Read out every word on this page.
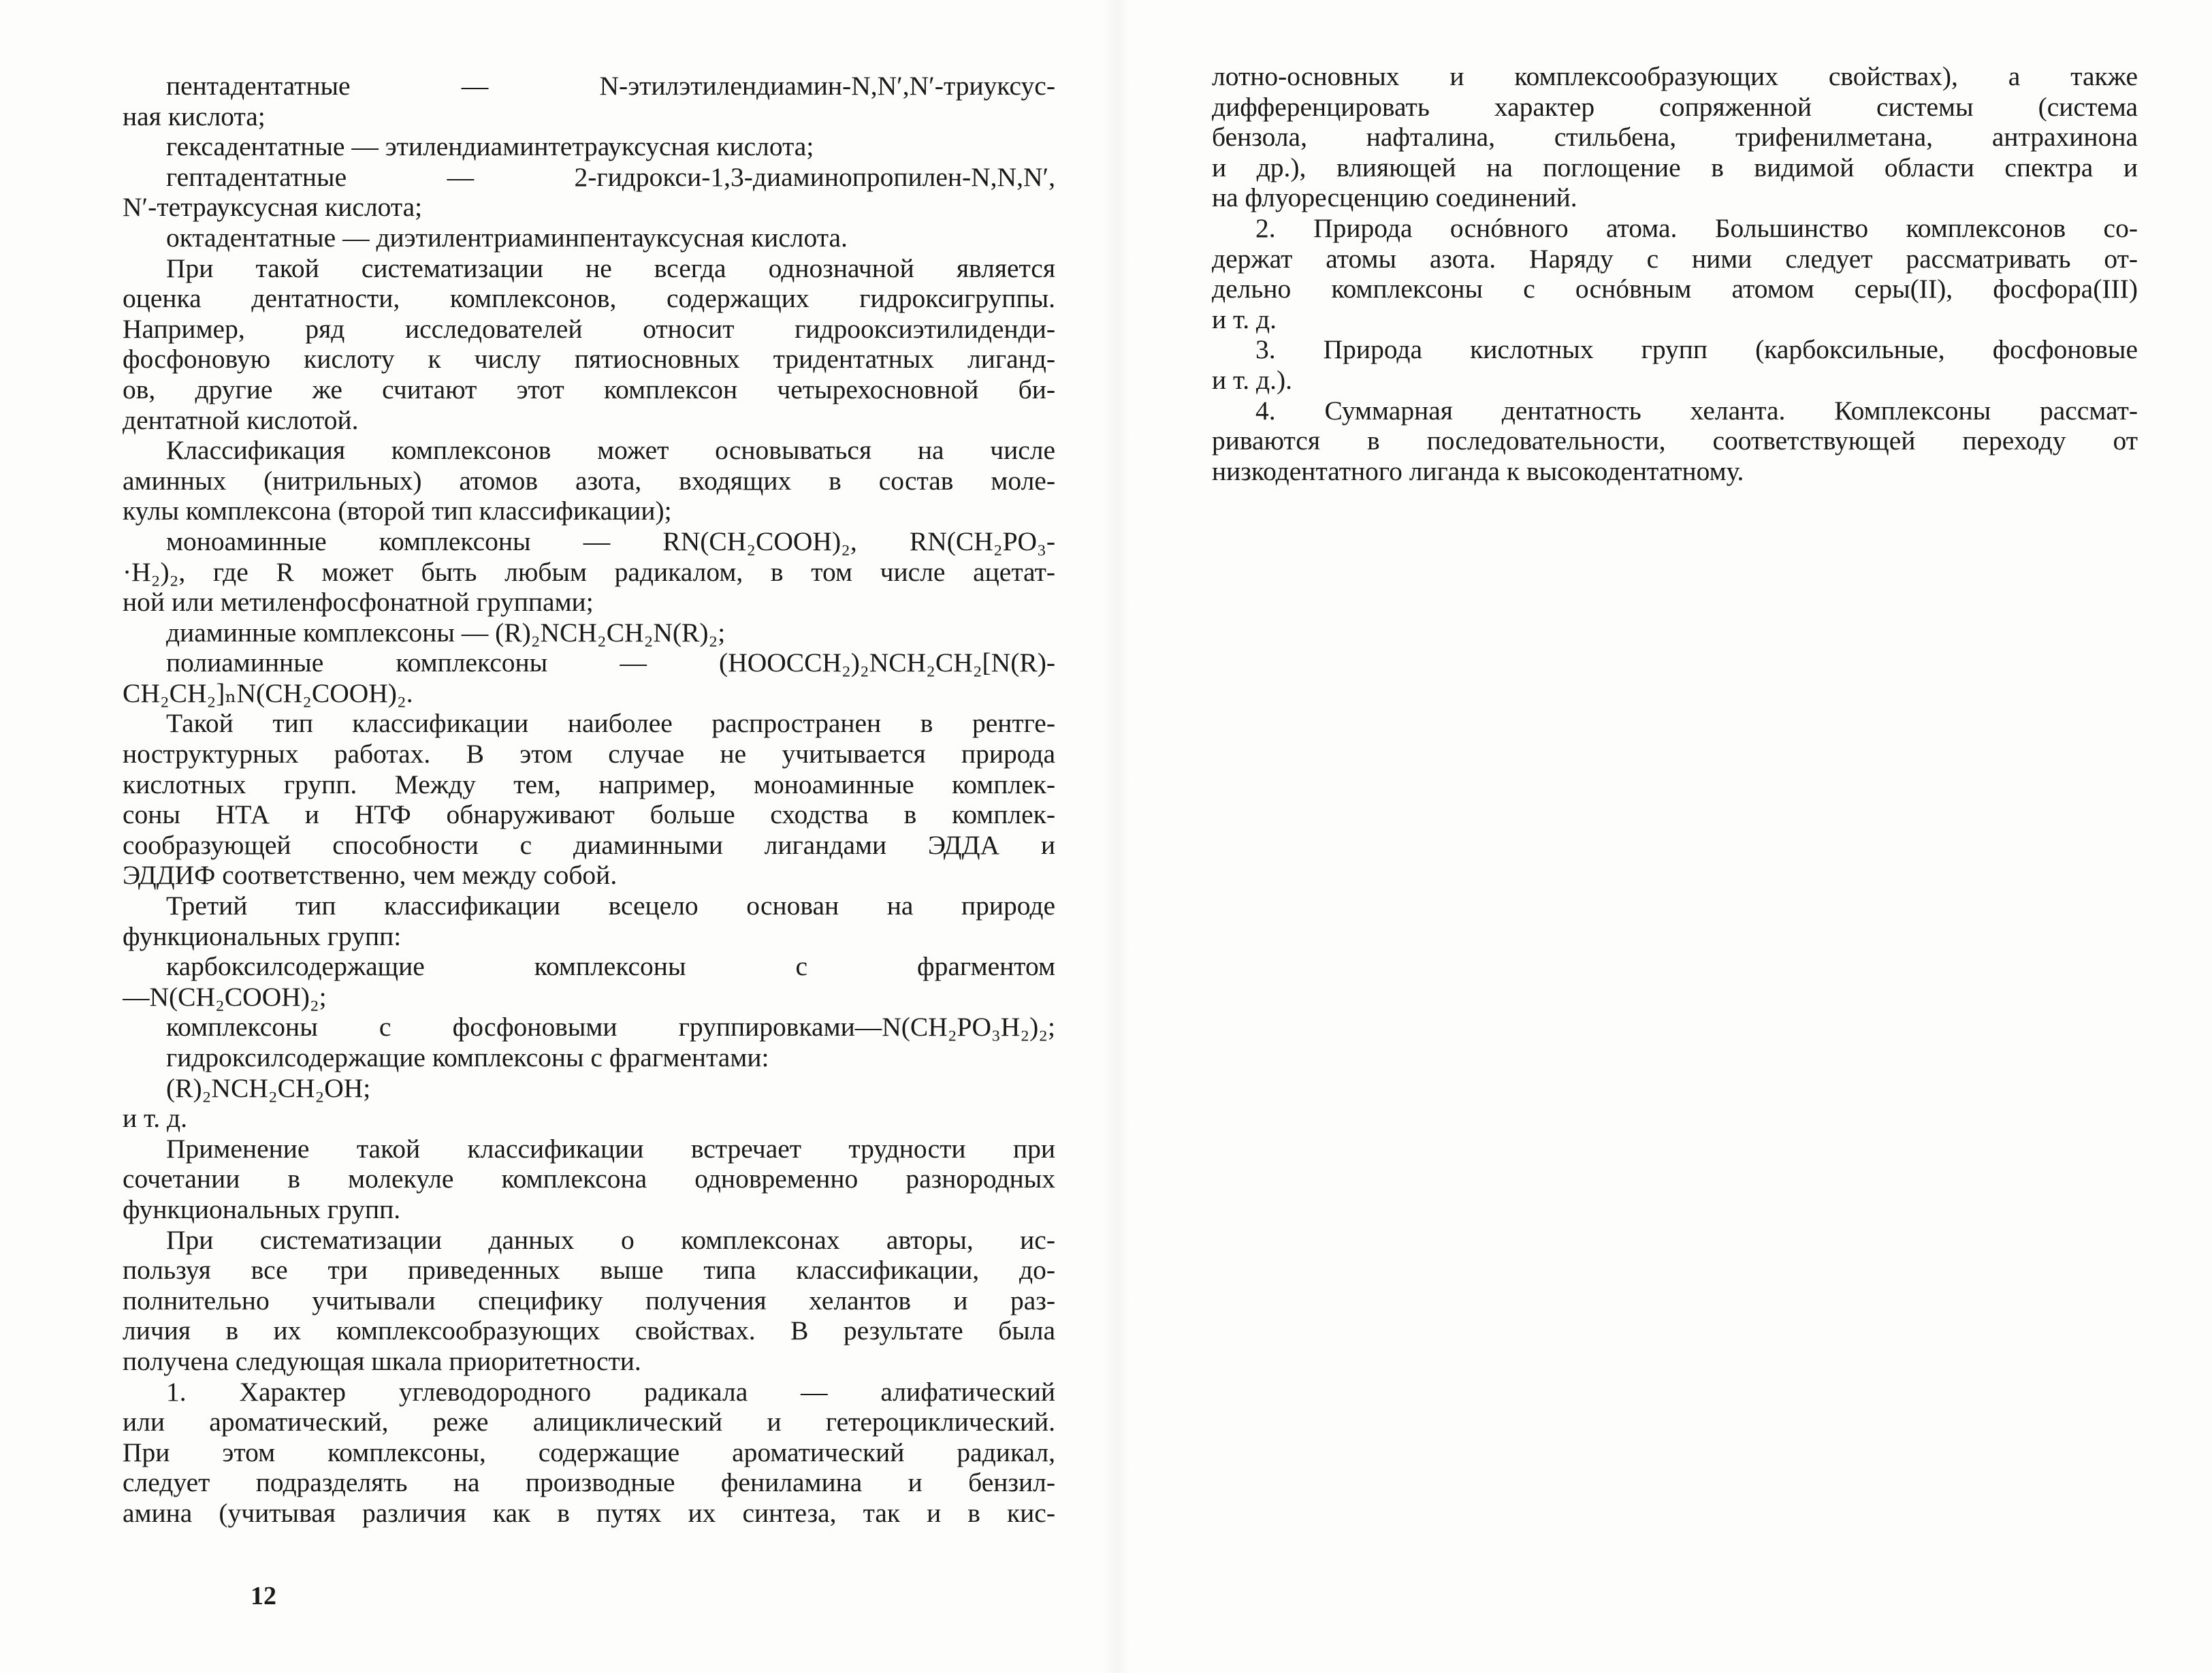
пентадентатные — N-этилэтилендиамин-N,N′,N′-триуксус-
ная кислота;
гексадентатные — этилендиаминтетрауксусная кислота;
гептадентатные — 2-гидрокси-1,3-диаминопропилен-N,N,N′,
N′-тетрауксусная кислота;
октадентатные — диэтилентриаминпентауксусная кислота.
При такой систематизации не всегда однозначной является
оценка дентатности, комплексонов, содержащих гидроксигруппы.
Например, ряд исследователей относит гидрооксиэтилиденди-
фосфоновую кислоту к числу пятиосновных тридентатных лиганд-
ов, другие же считают этот комплексон четырехосновной би-
дентатной кислотой.
Классификация комплексонов может основываться на числе
аминных (нитрильных) атомов азота, входящих в состав моле-
кулы комплексона (второй тип классификации);
моноаминные комплексоны — RN(CH₂COOH)₂, RN(CH₂PO₃-
·H₂)₂, где R может быть любым радикалом, в том числе ацетат-
ной или метиленфосфонатной группами;
диаминные комплексоны — (R)₂NCH₂CH₂N(R)₂;
полиаминные комплексоны — (HOOCCH₂)₂NCH₂CH₂[N(R)-
CH₂CH₂]ₙN(CH₂COOH)₂.
Такой тип классификации наиболее распространен в рентге-
ноструктурных работах. В этом случае не учитывается природа
кислотных групп. Между тем, например, моноаминные комплек-
соны НТА и НТФ обнаруживают больше сходства в комплек-
сообразующей способности с диаминными лигандами ЭДДА и
ЭДДИФ соответственно, чем между собой.
Третий тип классификации всецело основан на природе
функциональных групп:
карбоксилсодержащие комплексоны с фрагментом
—N(CH₂COOH)₂;
комплексоны с фосфоновыми группировками—N(CH₂PO₃H₂)₂;
гидроксилсодержащие комплексоны с фрагментами:
(R)₂NCH₂CH₂OH;
и т. д.
Применение такой классификации встречает трудности при
сочетании в молекуле комплексона одновременно разнородных
функциональных групп.
При систематизации данных о комплексонах авторы, ис-
пользуя все три приведенных выше типа классификации, до-
полнительно учитывали специфику получения хелантов и раз-
личия в их комплексообразующих свойствах. В результате была
получена следующая шкала приоритетности.
1. Характер углеводородного радикала — алифатический
или ароматический, реже алициклический и гетероциклический.
При этом комплексоны, содержащие ароматический радикал,
следует подразделять на производные фениламина и бензил-
амина (учитывая различия как в путях их синтеза, так и в кис-
12
лотно-основных и комплексообразующих свойствах), а также
дифференцировать характер сопряженной системы (система
бензола, нафталина, стильбена, трифенилметана, антрахинона
и др.), влияющей на поглощение в видимой области спектра и
на флуоресценцию соединений.
2. Природа оснóвного атома. Большинство комплексонов со-
держат атомы азота. Наряду с ними следует рассматривать от-
дельно комплексоны с оснóвным атомом серы(II), фосфора(III)
и т. д.
3. Природа кислотных групп (карбоксильные, фосфоновые
и т. д.).
4. Суммарная дентатность хеланта. Комплексоны рассмат-
риваются в последовательности, соответствующей переходу от
низкодентатного лиганда к высокодентатному.
